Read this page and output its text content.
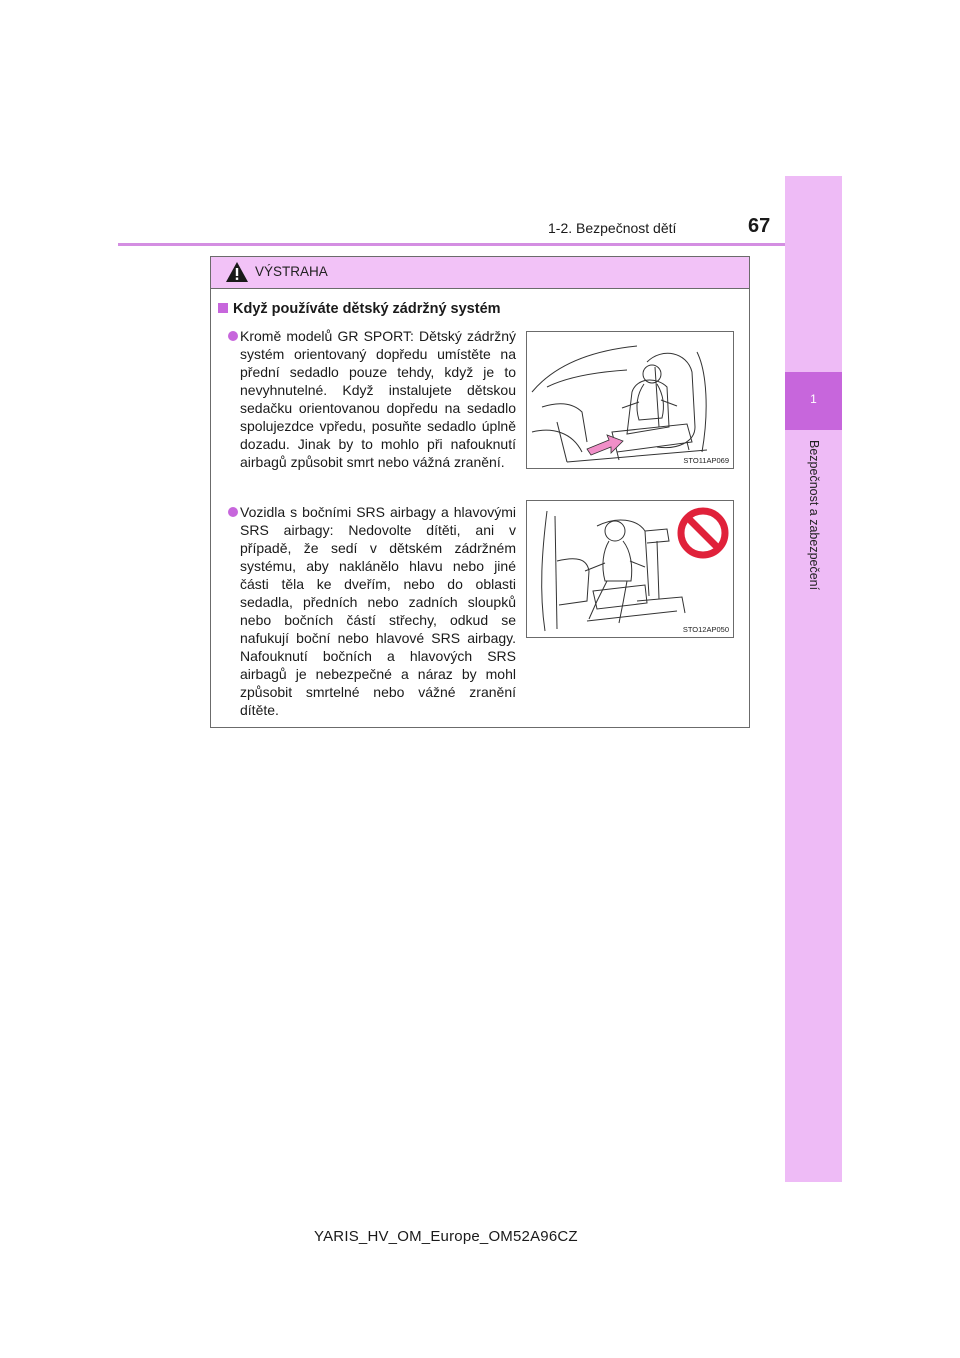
1-2. Bezpečnost dětí	67
1
Bezpečnost a zabezpečení
VÝSTRAHA
Když používáte dětský zádržný systém
Kromě modelů GR SPORT: Dětský zádržný systém orientovaný dopředu umístěte na přední sedadlo pouze tehdy, když je to nevyhnutelné. Když instalujete dětskou sedačku orientovanou dopředu na sedadlo spolujezdce vpředu, posuňte sedadlo úplně dozadu. Jinak by to mohlo při nafouknutí airbagů způsobit smrt nebo vážná zranění.	STO11AP069
Vozidla s bočními SRS airbagy a hlavovými SRS airbagy: Nedovolte dítěti, ani v případě, že sedí v dětském zádržném systému, aby naklánělo hlavu nebo jiné části těla ke dveřím, nebo do oblasti sedadla, předních nebo zadních sloupků nebo bočních částí střechy, odkud se nafukují boční nebo hlavové SRS airbagy. Nafouknutí bočních a hlavových SRS airbagů je nebezpečné a náraz by mohl způsobit smrtelné nebo vážné zranění dítěte.
STO12AP050
YARIS_HV_OM_Europe_OM52A96CZ
